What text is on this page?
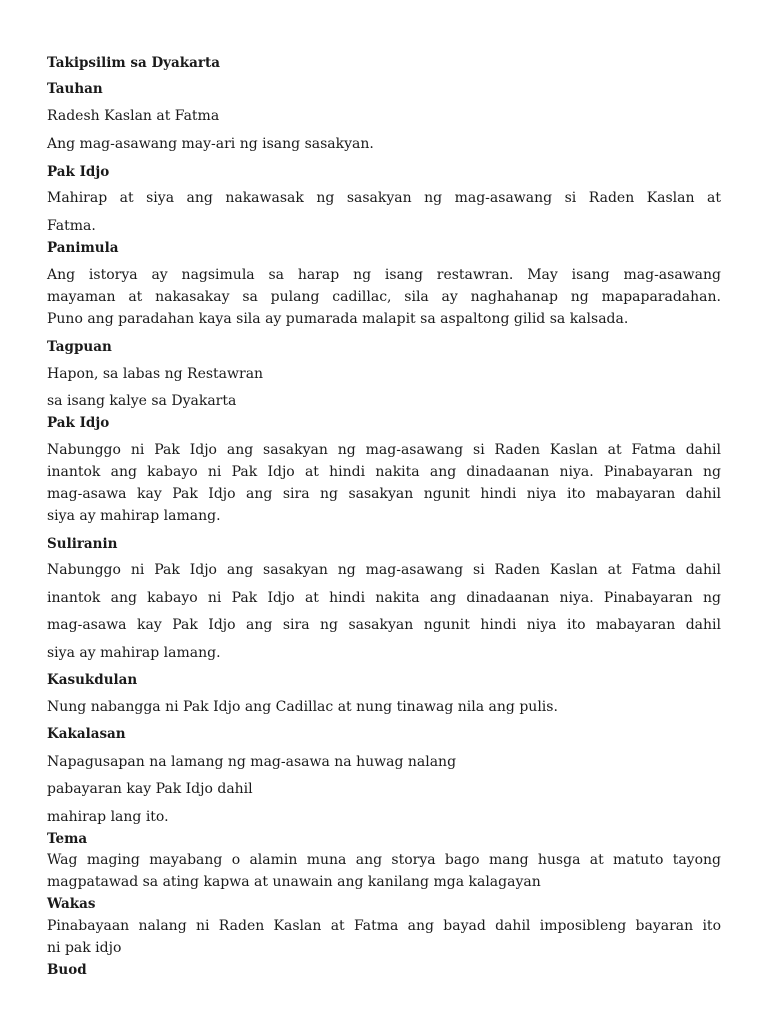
Takipsilim sa Dyakarta
Tauhan
Radesh Kaslan at Fatma
Ang mag-asawang may-ari ng isang sasakyan.
Pak Idjo
Mahirap at siya ang nakawasak ng sasakyan ng mag-asawang si Raden Kaslan at
Fatma.
Panimula
Ang istorya ay nagsimula sa harap ng isang restawran. May isang mag-asawang
mayaman at nakasakay sa pulang cadillac, sila ay naghahanap ng mapaparadahan.
Puno ang paradahan kaya sila ay pumarada malapit sa aspaltong gilid sa kalsada.
Tagpuan
Hapon, sa labas ng Restawran
sa isang kalye sa Dyakarta
Pak Idjo
Nabunggo ni Pak Idjo ang sasakyan ng mag-asawang si Raden Kaslan at Fatma dahil
inantok ang kabayo ni Pak Idjo at hindi nakita ang dinadaanan niya. Pinabayaran ng
mag-asawa kay Pak Idjo ang sira ng sasakyan ngunit hindi niya ito mabayaran dahil
siya ay mahirap lamang.
Suliranin
Nabunggo ni Pak Idjo ang sasakyan ng mag-asawang si Raden Kaslan at Fatma dahil
inantok ang kabayo ni Pak Idjo at hindi nakita ang dinadaanan niya. Pinabayaran ng
mag-asawa kay Pak Idjo ang sira ng sasakyan ngunit hindi niya ito mabayaran dahil
siya ay mahirap lamang.
Kasukdulan
Nung nabangga ni Pak Idjo ang Cadillac at nung tinawag nila ang pulis.
Kakalasan
Napagusapan na lamang ng mag-asawa na huwag nalang
pabayaran kay Pak Idjo dahil
mahirap lang ito.
Tema
Wag maging mayabang o alamin muna ang storya bago mang husga at matuto tayong
magpatawad sa ating kapwa at unawain ang kanilang mga kalagayan
Wakas
Pinabayaan nalang ni Raden Kaslan at Fatma ang bayad dahil imposibleng bayaran ito
ni pak idjo
Buod
